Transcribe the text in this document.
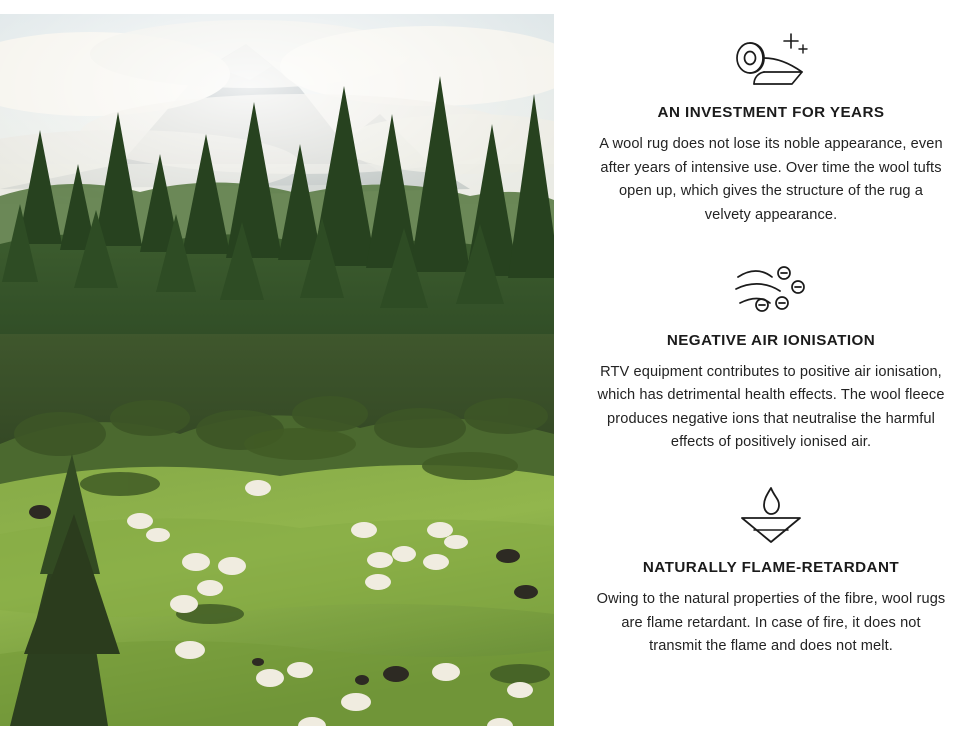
AN INVESTMENT FOR YEARS
A wool rug does not lose its noble appearance, even after years of intensive use. Over time the wool tufts open up, which gives the structure of the rug a velvety appearance.
NEGATIVE AIR IONISATION
RTV equipment contributes to positive air ionisation, which has detrimental health effects. The wool fleece produces negative ions that neutralise the harmful effects of positively ionised air.
NATURALLY FLAME-RETARDANT
Owing to the natural properties of the fibre, wool rugs are flame retardant. In case of fire, it does not transmit the flame and does not melt.
